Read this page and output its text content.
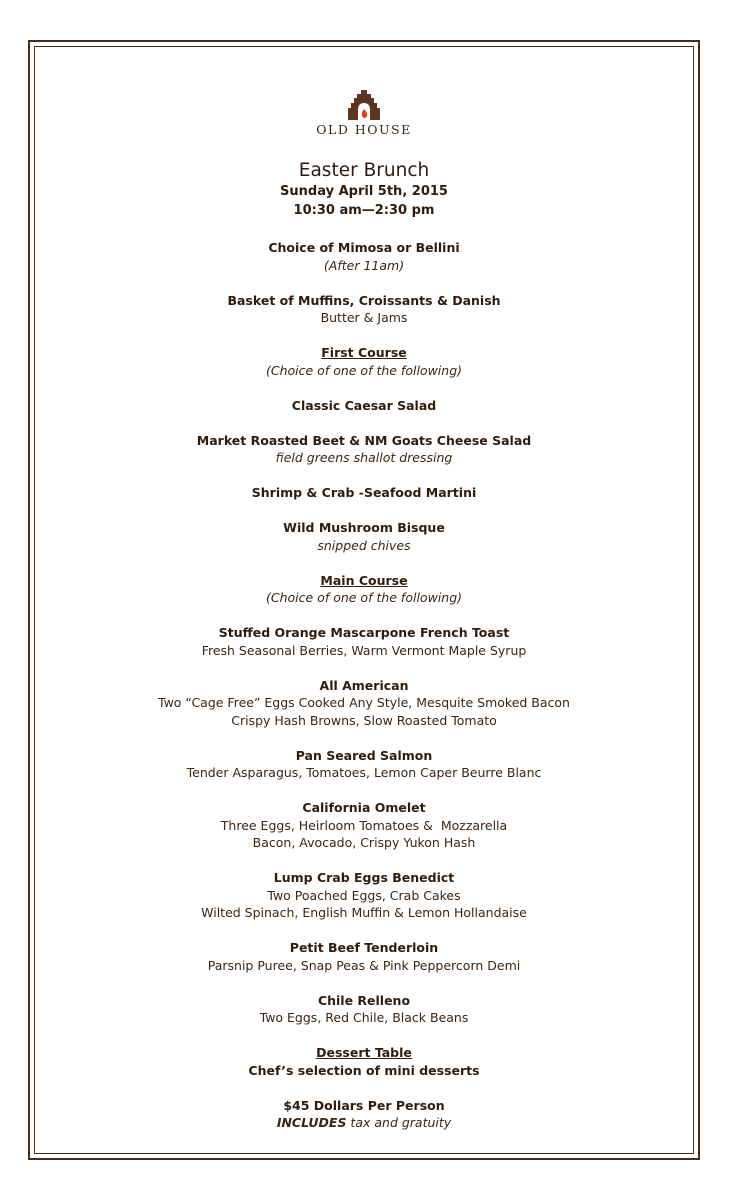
OLD HOUSE
Easter Brunch
Sunday April 5th, 2015
10:30 am—2:30 pm
Choice of Mimosa or Bellini
(After 11am)
Basket of Muffins, Croissants & Danish
Butter & Jams
First Course
(Choice of one of the following)
Classic Caesar Salad
Market Roasted Beet & NM Goats Cheese Salad
field greens shallot dressing
Shrimp & Crab -Seafood Martini
Wild Mushroom Bisque
snipped chives
Main Course
(Choice of one of the following)
Stuffed Orange Mascarpone French Toast
Fresh Seasonal Berries, Warm Vermont Maple Syrup
All American
Two “Cage Free” Eggs Cooked Any Style, Mesquite Smoked Bacon
Crispy Hash Browns, Slow Roasted Tomato
Pan Seared Salmon
Tender Asparagus, Tomatoes, Lemon Caper Beurre Blanc
California Omelet
Three Eggs, Heirloom Tomatoes &  Mozzarella
Bacon, Avocado, Crispy Yukon Hash
Lump Crab Eggs Benedict
Two Poached Eggs, Crab Cakes
Wilted Spinach, English Muffin & Lemon Hollandaise
Petit Beef Tenderloin
Parsnip Puree, Snap Peas & Pink Peppercorn Demi
Chile Relleno
Two Eggs, Red Chile, Black Beans
Dessert Table
Chef’s selection of mini desserts
$45 Dollars Per Person
INCLUDES tax and gratuity
